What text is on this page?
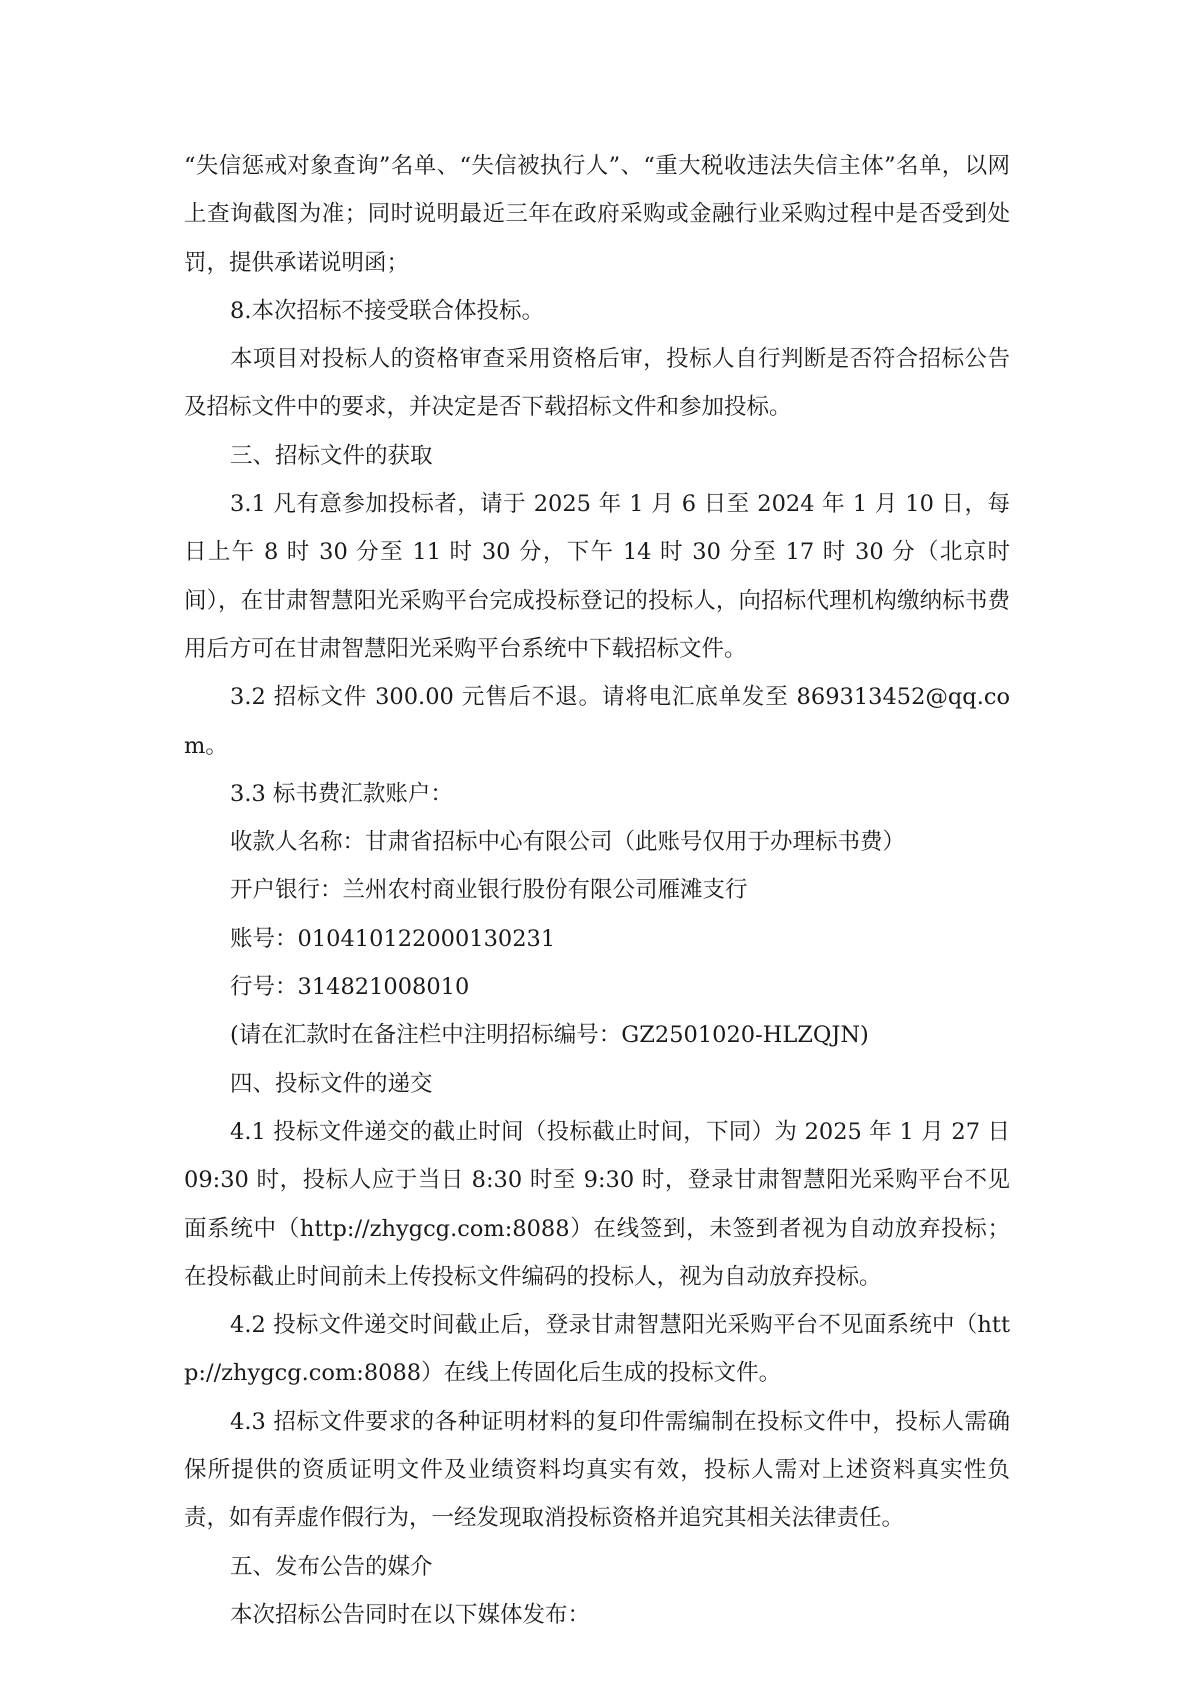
“失信惩戒对象查询”名单、“失信被执行人”、“重大税收违法失信主体”名单，以网上查询截图为准；同时说明最近三年在政府采购或金融行业采购过程中是否受到处罚，提供承诺说明函；

8.本次招标不接受联合体投标。

本项目对投标人的资格审查采用资格后审，投标人自行判断是否符合招标公告及招标文件中的要求，并决定是否下载招标文件和参加投标。

三、招标文件的获取

3.1 凡有意参加投标者，请于 2025 年 1 月 6 日至 2024 年 1 月 10 日，每日上午 8 时 30 分至 11 时 30 分，下午 14 时 30 分至 17 时 30 分（北京时间），在甘肃智慧阳光采购平台完成投标登记的投标人，向招标代理机构缴纳标书费用后方可在甘肃智慧阳光采购平台系统中下载招标文件。

3.2 招标文件 300.00 元售后不退。请将电汇底单发至 869313452@qq.com。

3.3 标书费汇款账户：

收款人名称：甘肃省招标中心有限公司（此账号仅用于办理标书费）

开户银行：兰州农村商业银行股份有限公司雁滩支行

账号：010410122000130231

行号：314821008010

(请在汇款时在备注栏中注明招标编号：GZ2501020-HLZQJN)

四、投标文件的递交

4.1 投标文件递交的截止时间（投标截止时间，下同）为 2025 年 1 月 27 日 09:30 时，投标人应于当日 8:30 时至 9:30 时，登录甘肃智慧阳光采购平台不见面系统中（http://zhygcg.com:8088）在线签到，未签到者视为自动放弃投标；在投标截止时间前未上传投标文件编码的投标人，视为自动放弃投标。

4.2 投标文件递交时间截止后，登录甘肃智慧阳光采购平台不见面系统中（http://zhygcg.com:8088）在线上传固化后生成的投标文件。

4.3 招标文件要求的各种证明材料的复印件需编制在投标文件中，投标人需确保所提供的资质证明文件及业绩资料均真实有效，投标人需对上述资料真实性负责，如有弄虚作假行为，一经发现取消投标资格并追究其相关法律责任。

五、发布公告的媒介

本次招标公告同时在以下媒体发布：
